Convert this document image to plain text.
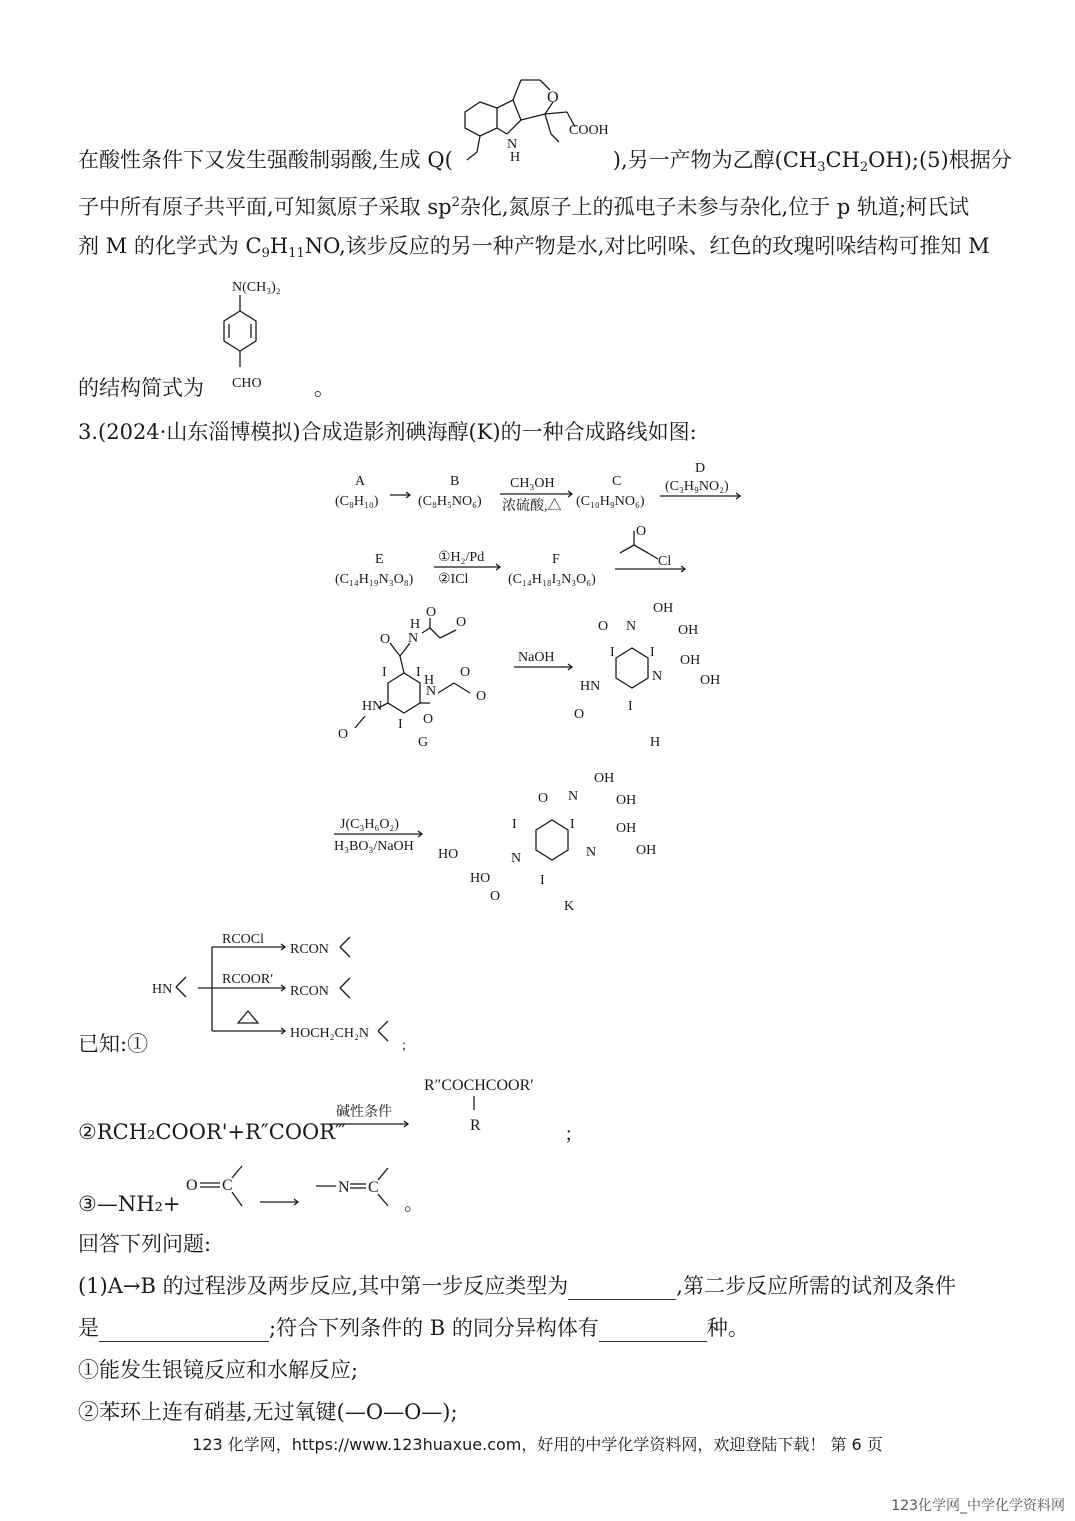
在酸性条件下又发生强酸制弱酸,生成 Q(	),另一产物为乙醇$(CH_3CH_2OH);(5)$根据分
子中所有原子共平面,可知氮原子采取 $sp^2$杂化,氮原子上的孤电子未参与杂化,位于 p 轨道;柯氏试
剂 M 的化学式为 $C_9H_{11}NO$,该步反应的另一种产物是水,对比吲哚、红色的玫瑰吲哚结构可推知 M
的结构简式为	。
O
COOH
N
H
N(CH₃)₂
CHO
3.(2024·山东淄博模拟)合成造影剂碘海醇(K)的一种合成路线如图:
A
(C₈H₁₀)
B
(C₈H₅NO₆)
CH₃OH
浓硫酸,△
C
(C₁₀H₉NO₆)
D
(C₃H₉NO₂)
E
(C₁₄H₁₉N₃O₈)
①H₂/Pd
②ICl
F
(C₁₄H₁₈I₃N₃O₆)
O
Cl
I I
I
O N
H
O
O
O
N
H
O
O
HN
O
G
NaOH	I	I
I
O N
OH
OH
N
OH
OH
HN
O
H
J(C₃H₆O₂)
H₃BO₃/NaOH
I	I
I
O N
OH
OH
N
OH
OH
N
HO
HO
O
K
已知:①
HN
RCOCl
RCOOR′
RCON
RCON
HOCH₂CH₂N
;
②RCH₂COOR'+R″COOR‴
碱性条件
R″COCHCOOR′
R	;
③—NH₂+
O C	N C
。
回答下列问题:
(1)A→B 的过程涉及两步反应,其中第一步反应类型为	,第二步反应所需的试剂及条件
是	;符合下列条件的 B 的同分异构体有	种。
①能发生银镜反应和水解反应;
②苯环上连有硝基,无过氧键(—O—O—);
123 化学网，https://www.123huaxue.com，好用的中学化学资料网，欢迎登陆下载！ 第 6 页
123化学网_中学化学资料网
